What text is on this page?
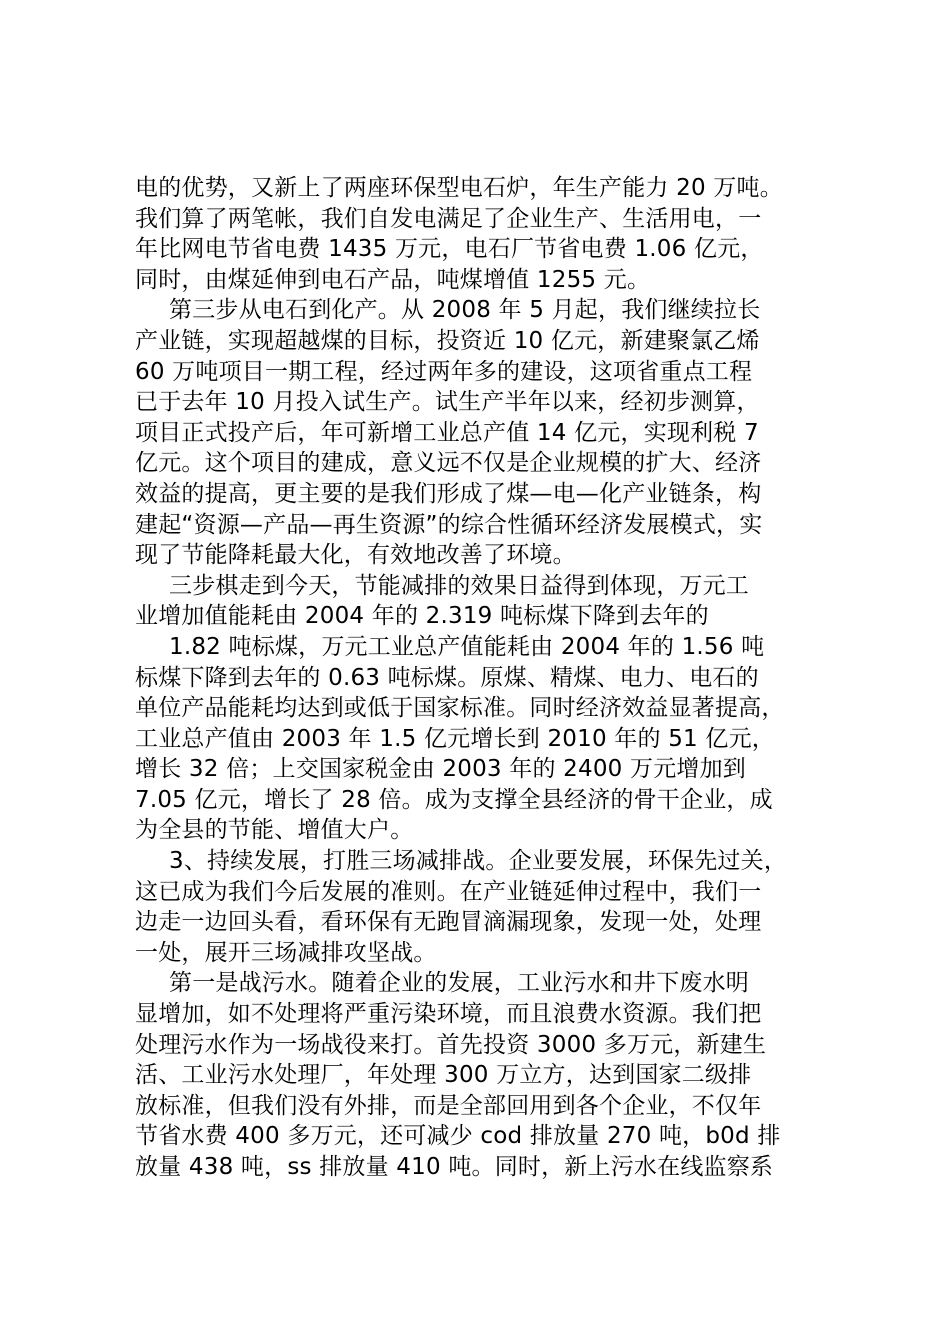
电的优势，又新上了两座环保型电石炉，年生产能力 20 万吨。
我们算了两笔帐，我们自发电满足了企业生产、生活用电，一
年比网电节省电费 1435 万元，电石厂节省电费 1.06 亿元，
同时，由煤延伸到电石产品，吨煤增值 1255 元。
第三步从电石到化产。从 2008 年 5 月起，我们继续拉长
产业链，实现超越煤的目标，投资近 10 亿元，新建聚氯乙烯
60 万吨项目一期工程，经过两年多的建设，这项省重点工程
已于去年 10 月投入试生产。试生产半年以来，经初步测算，
项目正式投产后，年可新增工业总产值 14 亿元，实现利税 7
亿元。这个项目的建成，意义远不仅是企业规模的扩大、经济
效益的提高，更主要的是我们形成了煤—电—化产业链条，构
建起“资源—产品—再生资源”的综合性循环经济发展模式，实
现了节能降耗最大化，有效地改善了环境。
三步棋走到今天，节能减排的效果日益得到体现，万元工
业增加值能耗由 2004 年的 2.319 吨标煤下降到去年的
1.82 吨标煤，万元工业总产值能耗由 2004 年的 1.56 吨
标煤下降到去年的 0.63 吨标煤。原煤、精煤、电力、电石的
单位产品能耗均达到或低于国家标准。同时经济效益显著提高，
工业总产值由 2003 年 1.5 亿元增长到 2010 年的 51 亿元，
增长 32 倍；上交国家税金由 2003 年的 2400 万元增加到
7.05 亿元，增长了 28 倍。成为支撑全县经济的骨干企业，成
为全县的节能、增值大户。
3、持续发展，打胜三场减排战。企业要发展，环保先过关，
这已成为我们今后发展的准则。在产业链延伸过程中，我们一
边走一边回头看，看环保有无跑冒滴漏现象，发现一处，处理
一处，展开三场减排攻坚战。
第一是战污水。随着企业的发展，工业污水和井下废水明
显增加，如不处理将严重污染环境，而且浪费水资源。我们把
处理污水作为一场战役来打。首先投资 3000 多万元，新建生
活、工业污水处理厂，年处理 300 万立方，达到国家二级排
放标准，但我们没有外排，而是全部回用到各个企业，不仅年
节省水费 400 多万元，还可减少 cod 排放量 270 吨，b0d 排
放量 438 吨，ss 排放量 410 吨。同时，新上污水在线监察系
